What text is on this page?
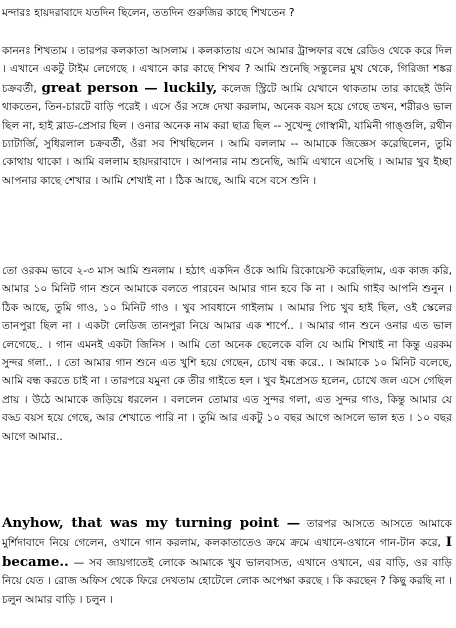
মন্দারঃ হায়দরাবাদে যতদিন ছিলেন, ততদিন গুরুজির কাছে শিখতেন ?

কাননঃ শিখতাম । তারপর কলকাতা আসলাম । কলকাতায় এসে আমার ট্রান্সফার বম্বে রেডিও থেকে করে দিল । এখানে একটু টাইম লেগেছে । এখানে কার কাছে শিখব ? আমি শুনেছি সন্তুলের মুখ থেকে, গিরিজা শঙ্কর চক্রবর্তী, great person — luckily, কলেজ স্ট্রিটে আমি যেখানে থাকতাম তার কাছেই উনি থাকতেন, তিন-চারটে বাড়ি পরেই । এসে ওঁর সঙ্গে দেখা করলাম, অনেক বয়স হয়ে গেছে তখন, শরীরও ভাল ছিল না, হাই ব্লাড-প্রেসার ছিল । ওনার অনেক নাম করা ছাত্র ছিল -- সুখেন্দু গোস্বামী, যামিনী গাঙ্গুলি, রথীন চ্যাটার্জি, সুধিরলাল চক্রবর্তী, ওঁরা সব শিখছিলেন । আমি বললাম -- আমাকে জিজ্ঞেস করেছিলেন, তুমি কোথায় থাকো । আমি বললাম হায়দরাবাদে । আপনার নাম শুনেছি, আমি এখানে এসেছি । আমার খুব ইচ্ছা আপনার কাছে শেখার । আমি শেখাই না । ঠিক আছে, আমি বসে বসে শুনি ।

তো ওরকম ভাবে ২-৩ মাস আমি শুনলাম । হঠাৎ একদিন ওঁকে আমি রিকোয়েস্ট করেছিলাম, এক কাজ করি, আমার ১০ মিনিট গান শুনে আমাকে বলতে পারবেন আমার গান হবে কি না । আমি গাইব আপনি শুনুন । ঠিক আছে, তুমি গাও, ১০ মিনিট গাও । খুব সাবধানে গাইলাম । আমার পিচ খুব হাই ছিল, ওই স্কেলের তানপুরা ছিল না । একটা লেডিজ তানপুরা নিয়ে আমার এক শার্পে.. । আমার গান শুনে ওনার এত ভাল লেগেছে.. । গান এমনই একটা জিনিস । আমি তো অনেক ছেলেকে বলি যে আমি শিখাই না কিন্তু এরকম সুন্দর গলা.. । তো আমার গান শুনে এত খুশি হয়ে গেছেন, চোখ বন্ধ করে.. । আমাকে ১০ মিনিট বলেছে, আমি বন্ধ করতে চাই না । তারপরে যমুনা কে তীর গাইতে হল । খুব ইমপ্রেসড হলেন, চোখে জল এসে গেছিল প্রায় । উঠে আমাকে জড়িয়ে ধরলেন । বললেন তোমার এত সুন্দর গলা, এত সুন্দর গাও, কিন্তু আমার যে বড্ড বয়স হয়ে গেছে, আর শেখাতে পারি না । তুমি আর একটু ১০ বছর আগে আসলে ভাল হত । ১০ বছর আগে আমার..

Anyhow, that was my turning point — তারপর আসতে আসতে আমাকে মুর্শিদাবাদে নিয়ে গেলেন, ওখানে গান করলাম, কলকাতাতেও ক্রমে ক্রমে এখানে-ওখানে গান-টান করে, I became.. — সব জায়গাতেই লোকে আমাকে খুব ভালবাসত, এখানে ওখানে, এর বাড়ি, ওর বাড়ি নিয়ে যেত । রোজ অফিস থেকে ফিরে দেখতাম হোটেলে লোক অপেক্ষা করছে । কি করছেন ? কিছু করছি না । চলুন আমার বাড়ি । চলুন ।
